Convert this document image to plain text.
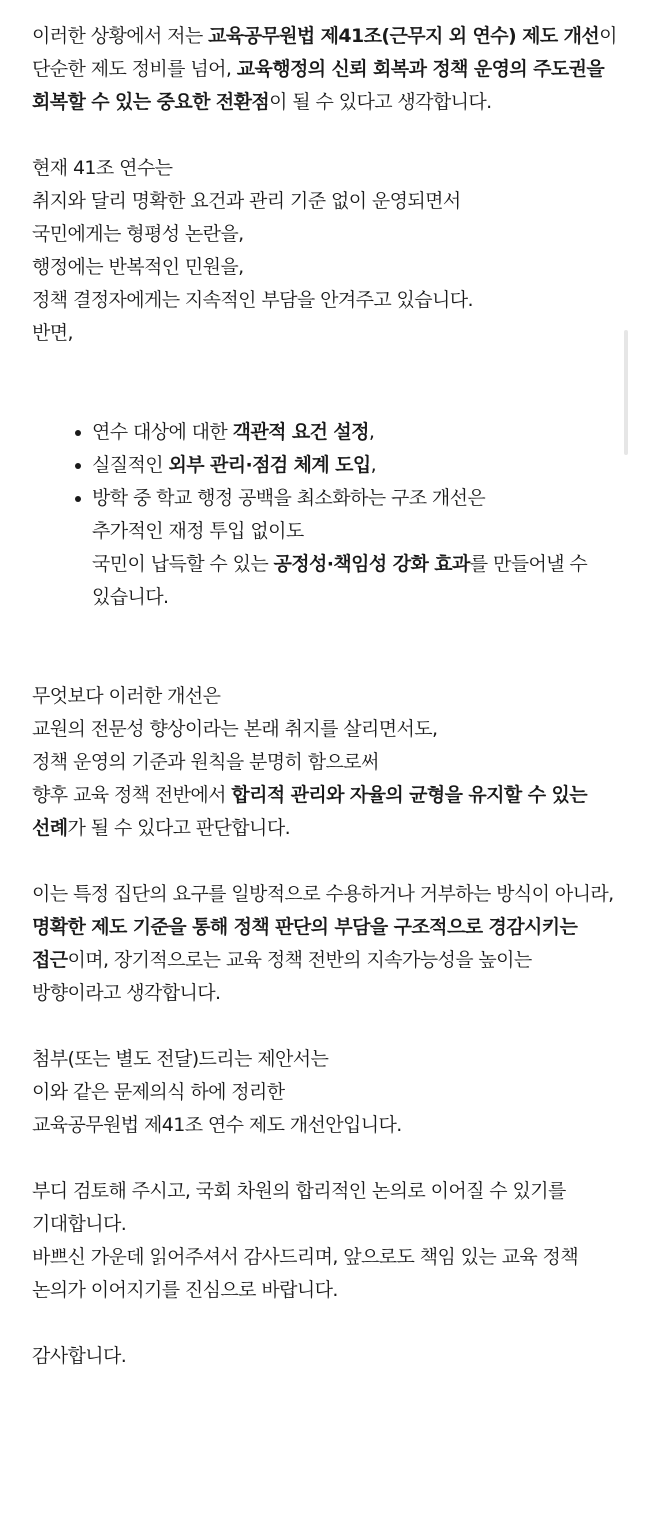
이러한 상황에서 저는 교육공무원법 제41조(근무지 외 연수) 제도 개선이 단순한 제도 정비를 넘어, 교육행정의 신뢰 회복과 정책 운영의 주도권을 회복할 수 있는 중요한 전환점이 될 수 있다고 생각합니다.

현재 41조 연수는
취지와 달리 명확한 요건과 관리 기준 없이 운영되면서
국민에게는 형평성 논란을,
행정에는 반복적인 민원을,
정책 결정자에게는 지속적인 부담을 안겨주고 있습니다.
반면,

연수 대상에 대한 객관적 요건 설정,
실질적인 외부 관리·점검 체계 도입,
방학 중 학교 행정 공백을 최소화하는 구조 개선은
추가적인 재정 투입 없이도
국민이 납득할 수 있는 공정성·책임성 강화 효과를 만들어낼 수 있습니다.

무엇보다 이러한 개선은
교원의 전문성 향상이라는 본래 취지를 살리면서도,
정책 운영의 기준과 원칙을 분명히 함으로써
향후 교육 정책 전반에서 합리적 관리와 자율의 균형을 유지할 수 있는 선례가 될 수 있다고 판단합니다.

이는 특정 집단의 요구를 일방적으로 수용하거나 거부하는 방식이 아니라, 명확한 제도 기준을 통해 정책 판단의 부담을 구조적으로 경감시키는 접근이며, 장기적으로는 교육 정책 전반의 지속가능성을 높이는 방향이라고 생각합니다.

첨부(또는 별도 전달)드리는 제안서는
이와 같은 문제의식 하에 정리한
교육공무원법 제41조 연수 제도 개선안입니다.

부디 검토해 주시고, 국회 차원의 합리적인 논의로 이어질 수 있기를 기대합니다.
바쁘신 가운데 읽어주셔서 감사드리며, 앞으로도 책임 있는 교육 정책 논의가 이어지기를 진심으로 바랍니다.

감사합니다.
